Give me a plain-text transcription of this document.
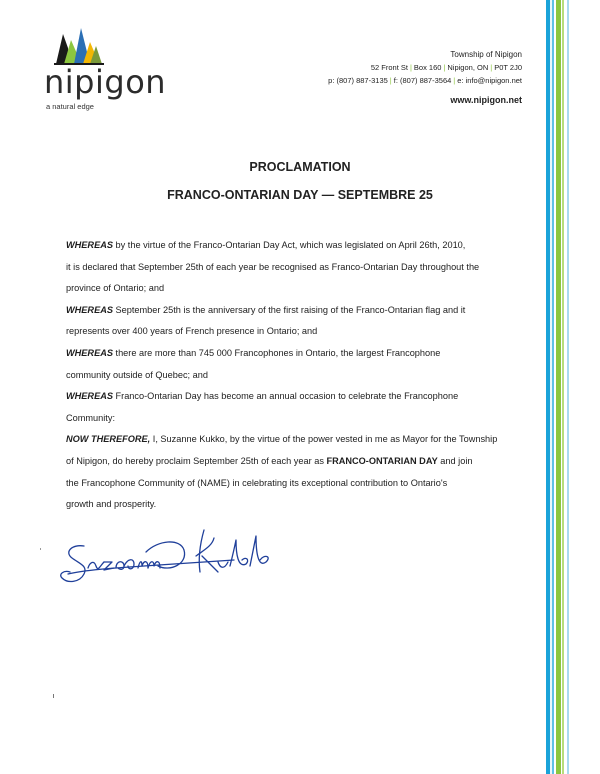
nipigon
a natural edge
Township of Nipigon
52 Front St | Box 160 | Nipigon, ON | P0T 2J0
p: (807) 887-3135 | f: (807) 887-3564 | e: info@nipigon.net
www.nipigon.net
PROCLAMATION
FRANCO-ONTARIAN DAY — SEPTEMBRE 25

WHEREAS by the virtue of the Franco-Ontarian Day Act, which was legislated on April 26th, 2010,

it is declared that September 25th of each year be recognised as Franco-Ontarian Day throughout the

province of Ontario; and

WHEREAS September 25th is the anniversary of the first raising of the Franco-Ontarian flag and it

represents over 400 years of French presence in Ontario; and

WHEREAS there are more than 745 000 Francophones in Ontario, the largest Francophone

community outside of Quebec; and

WHEREAS Franco-Ontarian Day has become an annual occasion to celebrate the Francophone

Community:

NOW THEREFORE, I, Suzanne Kukko, by the virtue of the power vested in me as Mayor for the Township

of Nipigon, do hereby proclaim September 25th of each year as FRANCO-ONTARIAN DAY and join

the Francophone Community of (NAME) in celebrating its exceptional contribution to Ontario's

growth and prosperity.
